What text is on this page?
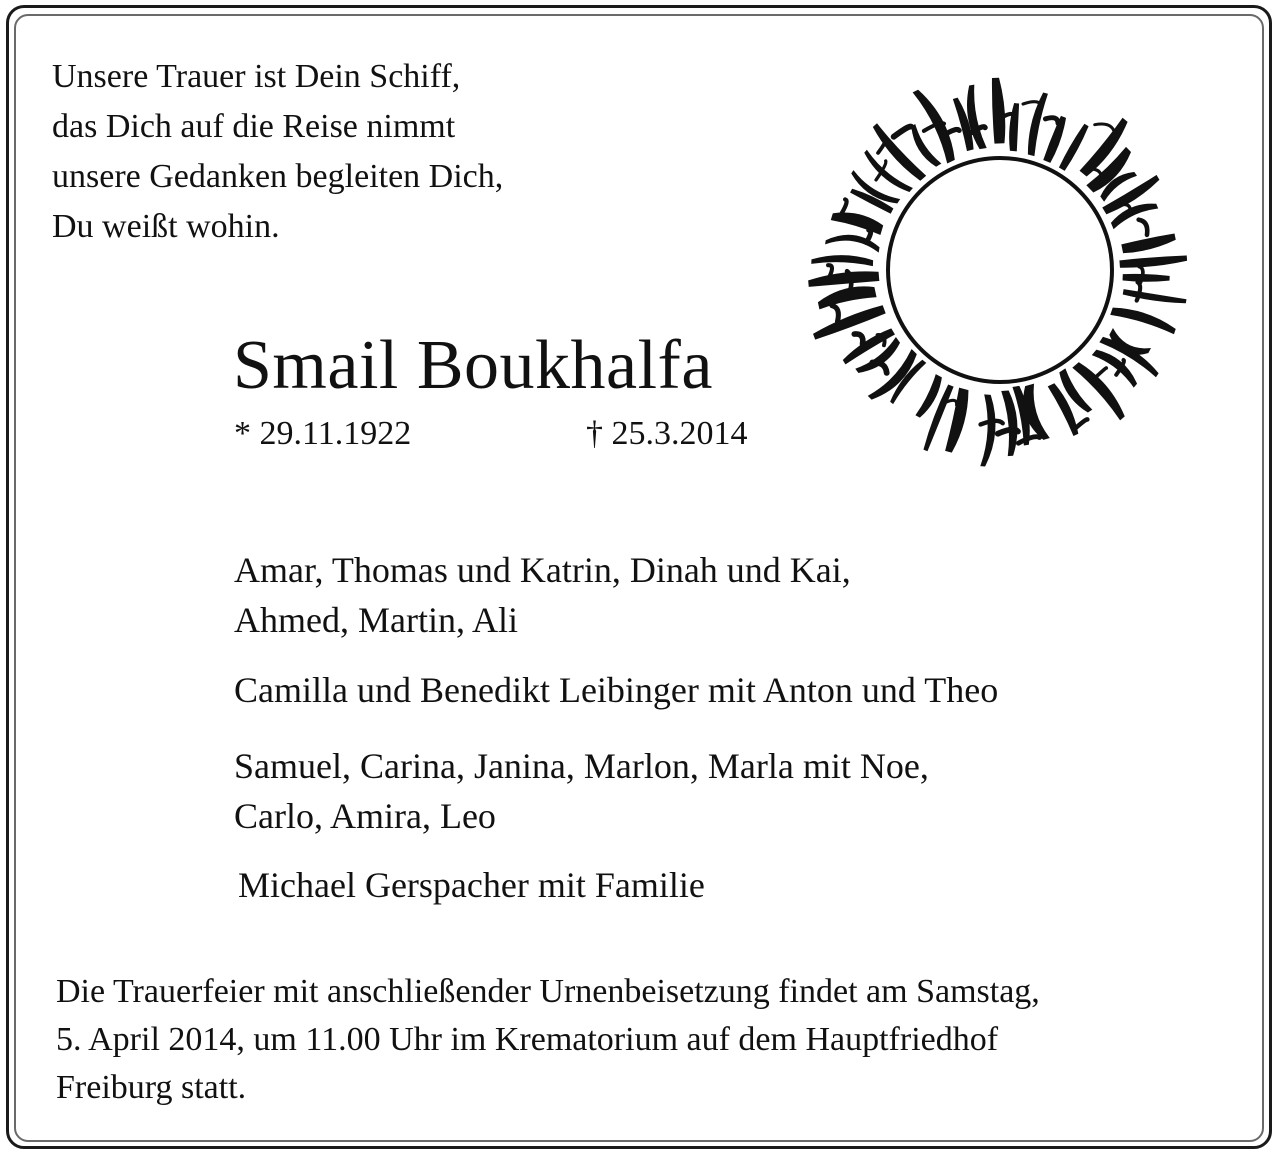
Unsere Trauer ist Dein Schiff,
das Dich auf die Reise nimmt
unsere Gedanken begleiten Dich,
Du weißt wohin.
Smail Boukhalfa
* 29.11.1922	† 25.3.2014
Amar, Thomas und Katrin, Dinah und Kai,
Ahmed, Martin, Ali
Camilla und Benedikt Leibinger mit Anton und Theo
Samuel, Carina, Janina, Marlon, Marla mit Noe,
Carlo, Amira, Leo
Michael Gerspacher mit Familie
Die Trauerfeier mit anschließender Urnenbeisetzung findet am Samstag,
5. April 2014, um 11.00 Uhr im Krematorium auf dem Hauptfriedhof
Freiburg statt.
